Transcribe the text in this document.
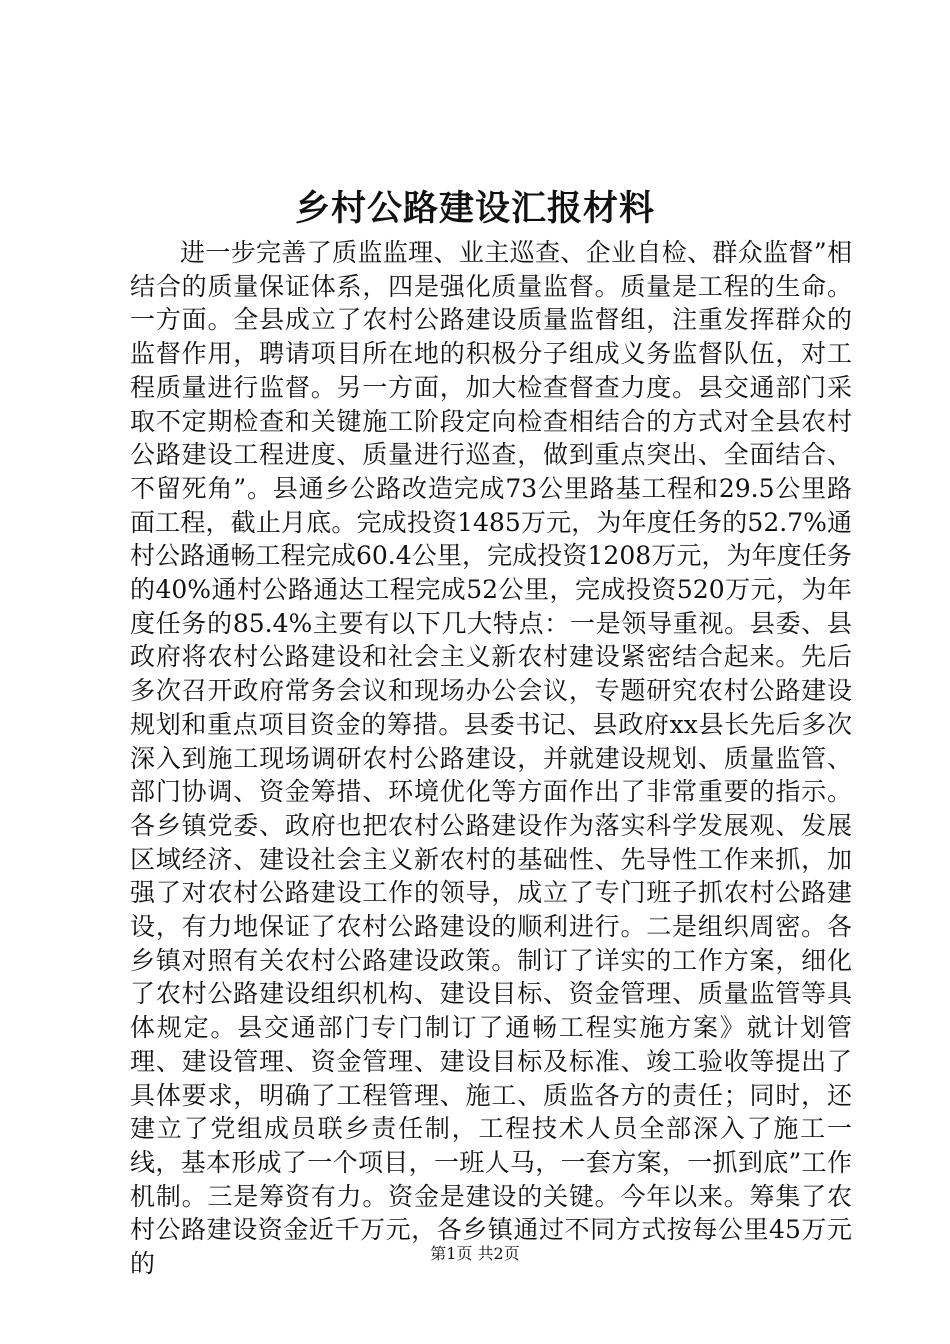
乡村公路建设汇报材料
进一步完善了质监监理、业主巡查、企业自检、群众监督”相结合的质量保证体系，四是强化质量监督。质量是工程的生命。一方面。全县成立了农村公路建设质量监督组，注重发挥群众的监督作用，聘请项目所在地的积极分子组成义务监督队伍，对工程质量进行监督。另一方面，加大检查督查力度。县交通部门采取不定期检查和关键施工阶段定向检查相结合的方式对全县农村公路建设工程进度、质量进行巡查，做到重点突出、全面结合、不留死角”。县通乡公路改造完成73公里路基工程和29.5公里路面工程，截止月底。完成投资1485万元，为年度任务的52.7%通村公路通畅工程完成60.4公里，完成投资1208万元，为年度任务的40%通村公路通达工程完成52公里，完成投资520万元，为年度任务的85.4%主要有以下几大特点：一是领导重视。县委、县政府将农村公路建设和社会主义新农村建设紧密结合起来。先后多次召开政府常务会议和现场办公会议，专题研究农村公路建设规划和重点项目资金的筹措。县委书记、县政府xx县长先后多次深入到施工现场调研农村公路建设，并就建设规划、质量监管、部门协调、资金筹措、环境优化等方面作出了非常重要的指示。各乡镇党委、政府也把农村公路建设作为落实科学发展观、发展区域经济、建设社会主义新农村的基础性、先导性工作来抓，加强了对农村公路建设工作的领导，成立了专门班子抓农村公路建设，有力地保证了农村公路建设的顺利进行。二是组织周密。各乡镇对照有关农村公路建设政策。制订了详实的工作方案，细化了农村公路建设组织机构、建设目标、资金管理、质量监管等具体规定。县交通部门专门制订了通畅工程实施方案》就计划管理、建设管理、资金管理、建设目标及标准、竣工验收等提出了具体要求，明确了工程管理、施工、质监各方的责任；同时，还建立了党组成员联乡责任制，工程技术人员全部深入了施工一线，基本形成了一个项目，一班人马，一套方案，一抓到底”工作机制。三是筹资有力。资金是建设的关键。今年以来。筹集了农村公路建设资金近千万元，各乡镇通过不同方式按每公里45万元的	第1页 共2页
